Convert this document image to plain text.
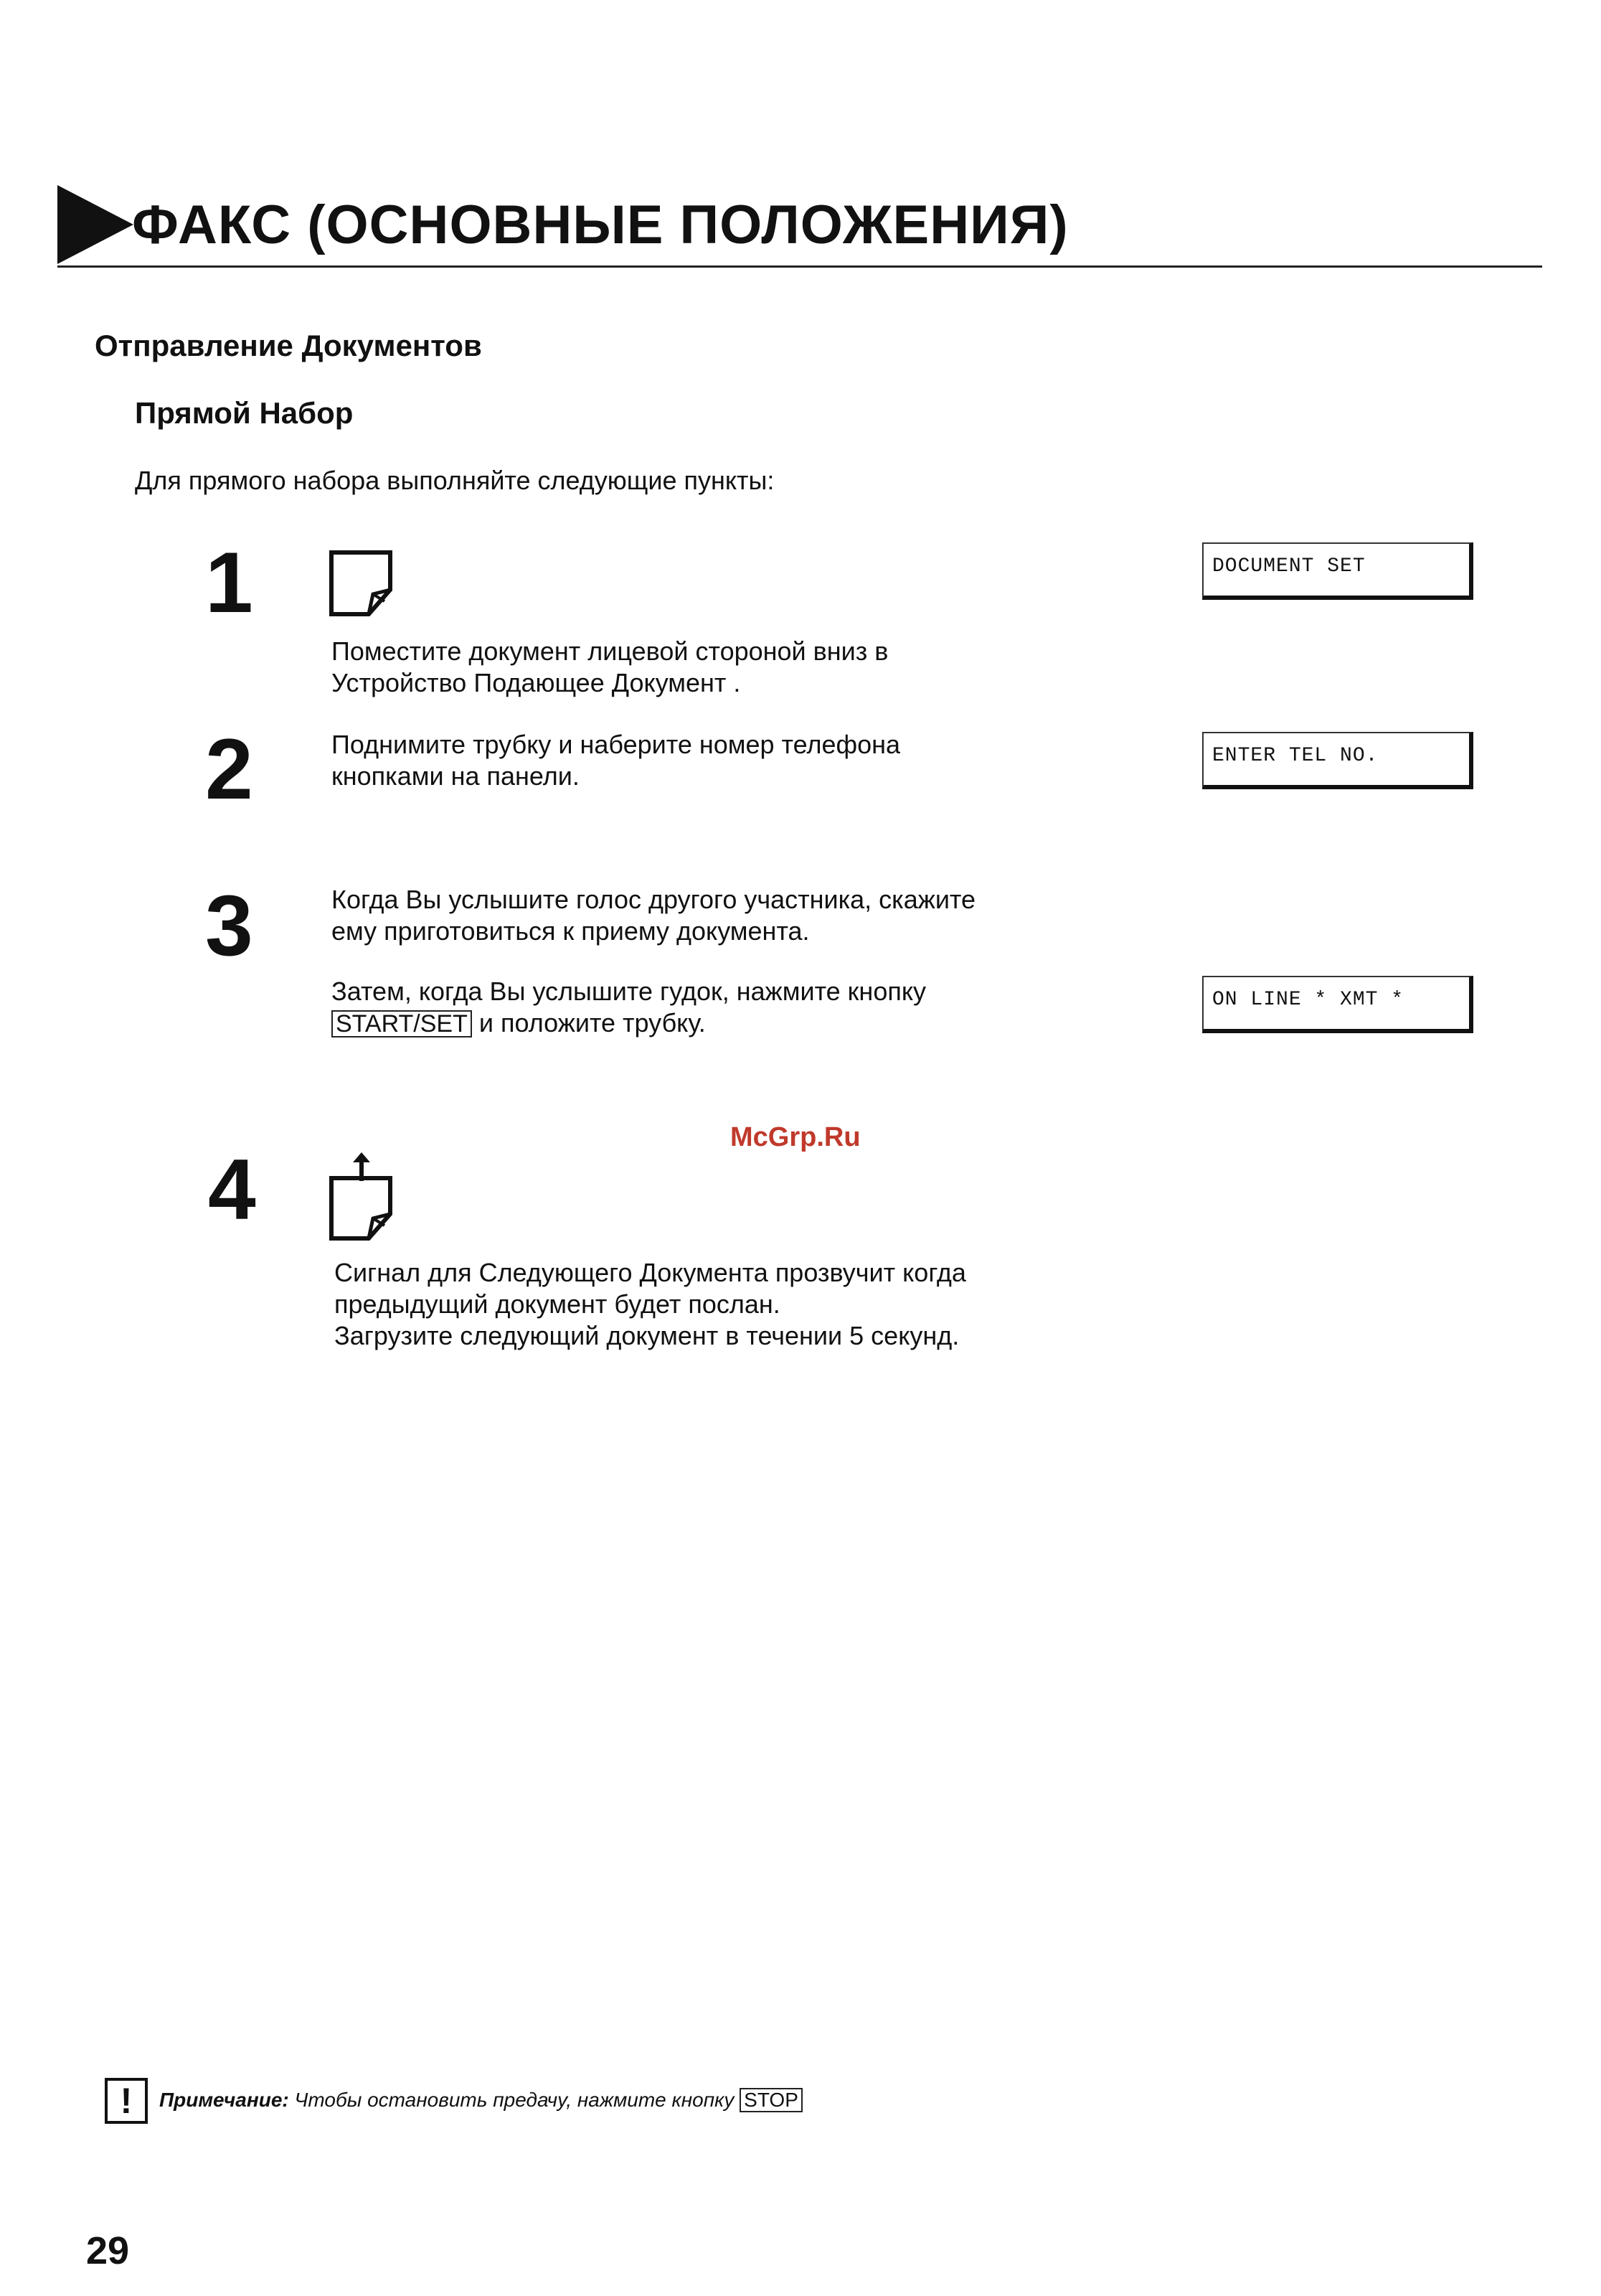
ФАКС (ОСНОВНЫЕ ПОЛОЖЕНИЯ)
Отправление Документов
Прямой Набор

Для прямого набора выполняйте следующие пункты:

1

Поместите документ лицевой стороной вниз в

Устройство Подающее Документ .

DOCUMENT SET

2	Поднимите трубку и наберите номер телефона

кнопками на панели.

ENTER TEL NO.

3	Когда Вы услышите голос другого участника, скажите

ему приготовиться к приему документа.

Затем, когда Вы услышите гудок, нажмите кнопку

START/SET и положите трубку.

ON LINE * XMT *
McGrp.Ru

4

Сигнал для Следующего Документа прозвучит когда

предыдущий документ будет послан.

Загрузите следующий документ в течении 5 секунд.

!	Примечание: Чтобы остановить предачу, нажмите кнопку STOP
29
